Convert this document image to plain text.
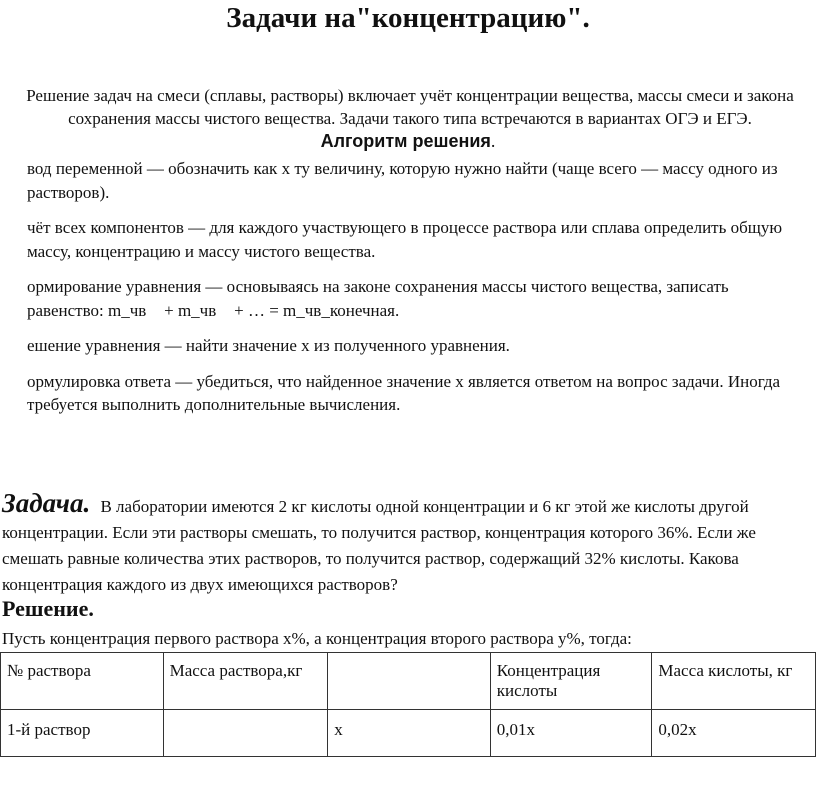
Задачи на"концентрацию".
Решение задач на смеси (сплавы, растворы) включает учёт концентрации вещества, массы смеси и закона сохранения массы чистого вещества. Задачи такого типа встречаются в вариантах ОГЭ и ЕГЭ.
Алгоритм решения.

вод переменной — обозначить как x ту величину, которую нужно найти (чаще всего — массу одного из растворов).

чёт всех компонентов — для каждого участвующего в процессе раствора или сплава определить общую массу, концентрацию и массу чистого вещества.

ормирование уравнения — основываясь на законе сохранения массы чистого вещества, записать равенство: m_чв + m_чв + … = m_чв_конечная.

ешение уравнения — найти значение x из полученного уравнения.

ормулировка ответа — убедиться, что найденное значение x является ответом на вопрос задачи. Иногда требуется выполнить дополнительные вычисления.

Задача. В лаборатории имеются 2 кг кислоты одной концентрации и 6 кг этой же кислоты другой концентрации. Если эти растворы смешать, то получится раствор, концентрация которого 36%. Если же смешать равные количества этих растворов, то получится раствор, содержащий 32% кислоты. Какова концентрация каждого из двух имеющихся растворов?
Решение.
Пусть концентрация первого раствора х%, а концентрация второго раствора у%, тогда:
№ раствора	Масса раствора,кг		Концентрация кислоты	Масса кислоты, кг
1-й раствор		х	0,01х	0,02х
